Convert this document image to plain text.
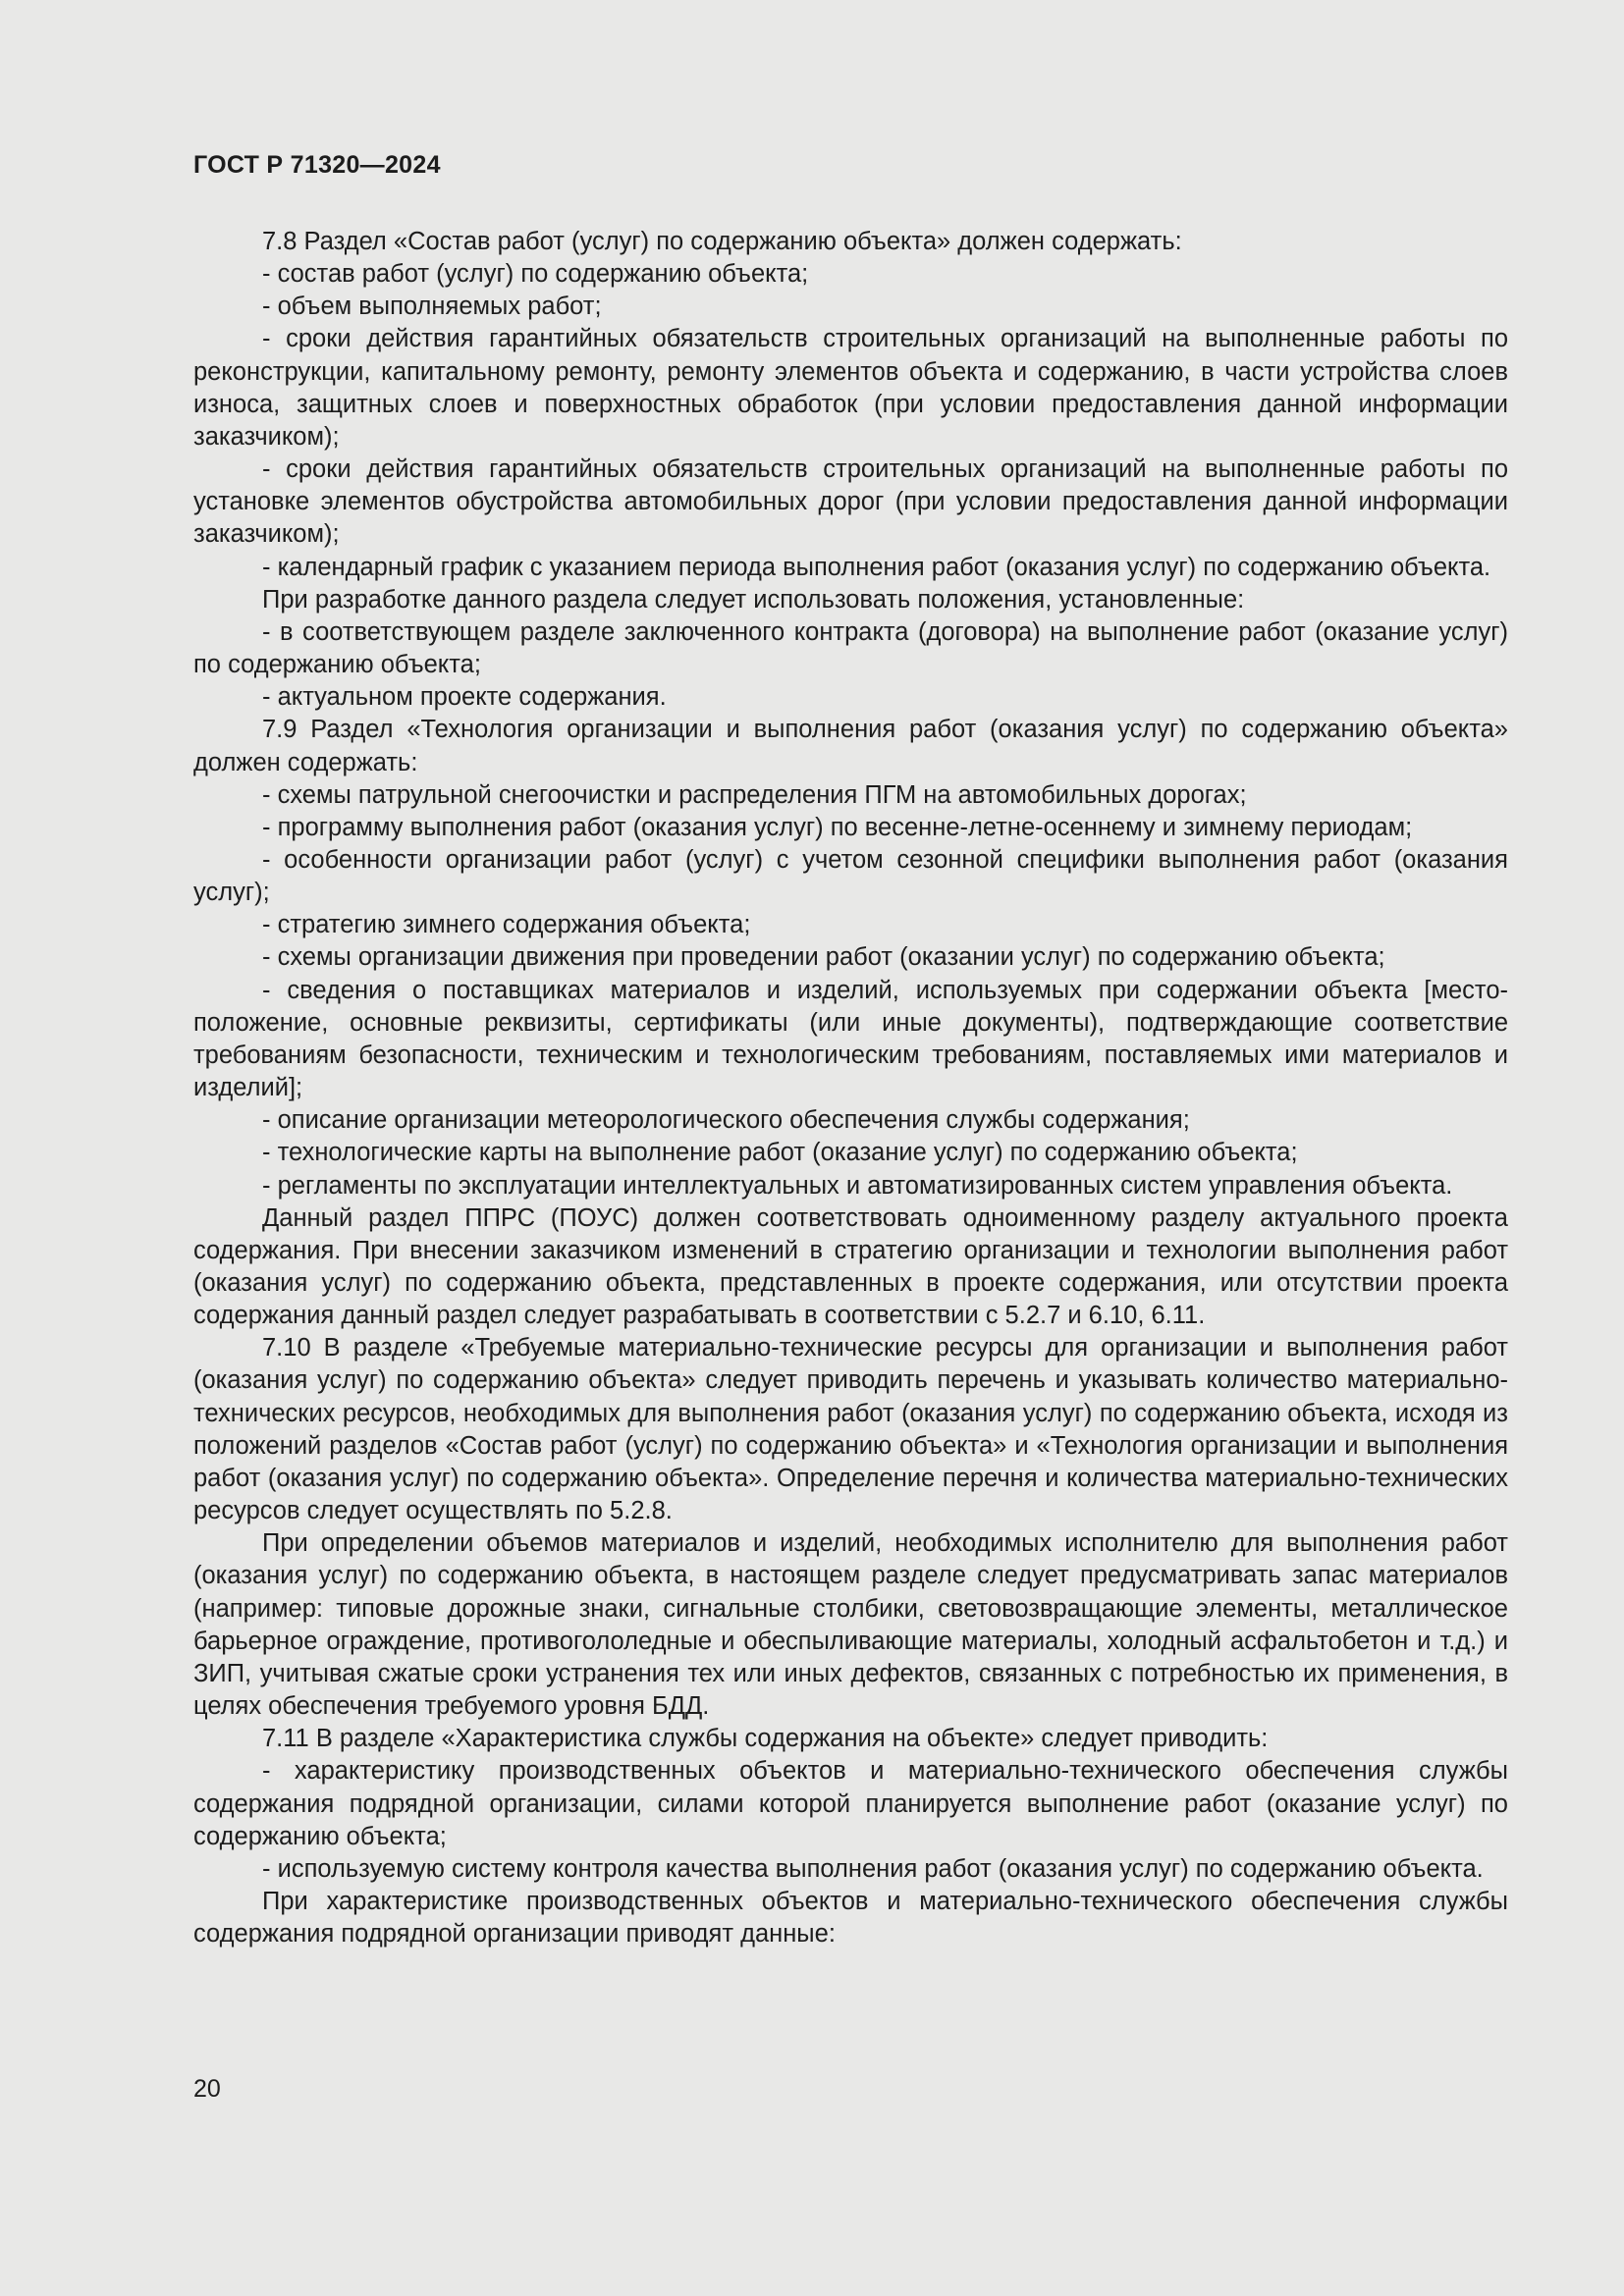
ГОСТ Р 71320—2024

7.8 Раздел «Состав работ (услуг) по содержанию объекта» должен содержать:

- состав работ (услуг) по содержанию объекта;

- объем выполняемых работ;

- сроки действия гарантийных обязательств строительных организаций на выполненные работы по реконструкции, капитальному ремонту, ремонту элементов объекта и содержанию, в части устройства слоев износа, защитных слоев и поверхностных обработок (при условии предоставления данной информации заказчиком);

- сроки действия гарантийных обязательств строительных организаций на выполненные работы по установке элементов обустройства автомобильных дорог (при условии предоставления данной информации заказчиком);

- календарный график с указанием периода выполнения работ (оказания услуг) по содержанию объекта.

При разработке данного раздела следует использовать положения, установленные:

- в соответствующем разделе заключенного контракта (договора) на выполнение работ (оказание услуг) по содержанию объекта;

- актуальном проекте содержания.

7.9 Раздел «Технология организации и выполнения работ (оказания услуг) по содержанию объекта» должен содержать:

- схемы патрульной снегоочистки и распределения ПГМ на автомобильных дорогах;

- программу выполнения работ (оказания услуг) по весенне-летне-осеннему и зимнему периодам;

- особенности организации работ (услуг) с учетом сезонной специфики выполнения работ (оказания услуг);

- стратегию зимнего содержания объекта;

- схемы организации движения при проведении работ (оказании услуг) по содержанию объекта;

- сведения о поставщиках материалов и изделий, используемых при содержании объекта [местоположение, основные реквизиты, сертификаты (или иные документы), подтверждающие соответствие требованиям безопасности, техническим и технологическим требованиям, поставляемых ими материалов и изделий];

- описание организации метеорологического обеспечения службы содержания;

- технологические карты на выполнение работ (оказание услуг) по содержанию объекта;

- регламенты по эксплуатации интеллектуальных и автоматизированных систем управления объекта.

Данный раздел ППРС (ПОУС) должен соответствовать одноименному разделу актуального проекта содержания. При внесении заказчиком изменений в стратегию организации и технологии выполнения работ (оказания услуг) по содержанию объекта, представленных в проекте содержания, или отсутствии проекта содержания данный раздел следует разрабатывать в соответствии с 5.2.7 и 6.10, 6.11.

7.10 В разделе «Требуемые материально-технические ресурсы для организации и выполнения работ (оказания услуг) по содержанию объекта» следует приводить перечень и указывать количество материально-технических ресурсов, необходимых для выполнения работ (оказания услуг) по содержанию объекта, исходя из положений разделов «Состав работ (услуг) по содержанию объекта» и «Технология организации и выполнения работ (оказания услуг) по содержанию объекта». Определение перечня и количества материально-технических ресурсов следует осуществлять по 5.2.8.

При определении объемов материалов и изделий, необходимых исполнителю для выполнения работ (оказания услуг) по содержанию объекта, в настоящем разделе следует предусматривать запас материалов (например: типовые дорожные знаки, сигнальные столбики, световозвращающие элементы, металлическое барьерное ограждение, противогололедные и обеспыливающие материалы, холодный асфальтобетон и т.д.) и ЗИП, учитывая сжатые сроки устранения тех или иных дефектов, связанных с потребностью их применения, в целях обеспечения требуемого уровня БДД.

7.11 В разделе «Характеристика службы содержания на объекте» следует приводить:

- характеристику производственных объектов и материально-технического обеспечения службы содержания подрядной организации, силами которой планируется выполнение работ (оказание услуг) по содержанию объекта;

- используемую систему контроля качества выполнения работ (оказания услуг) по содержанию объекта.

При характеристике производственных объектов и материально-технического обеспечения службы содержания подрядной организации приводят данные:

20
